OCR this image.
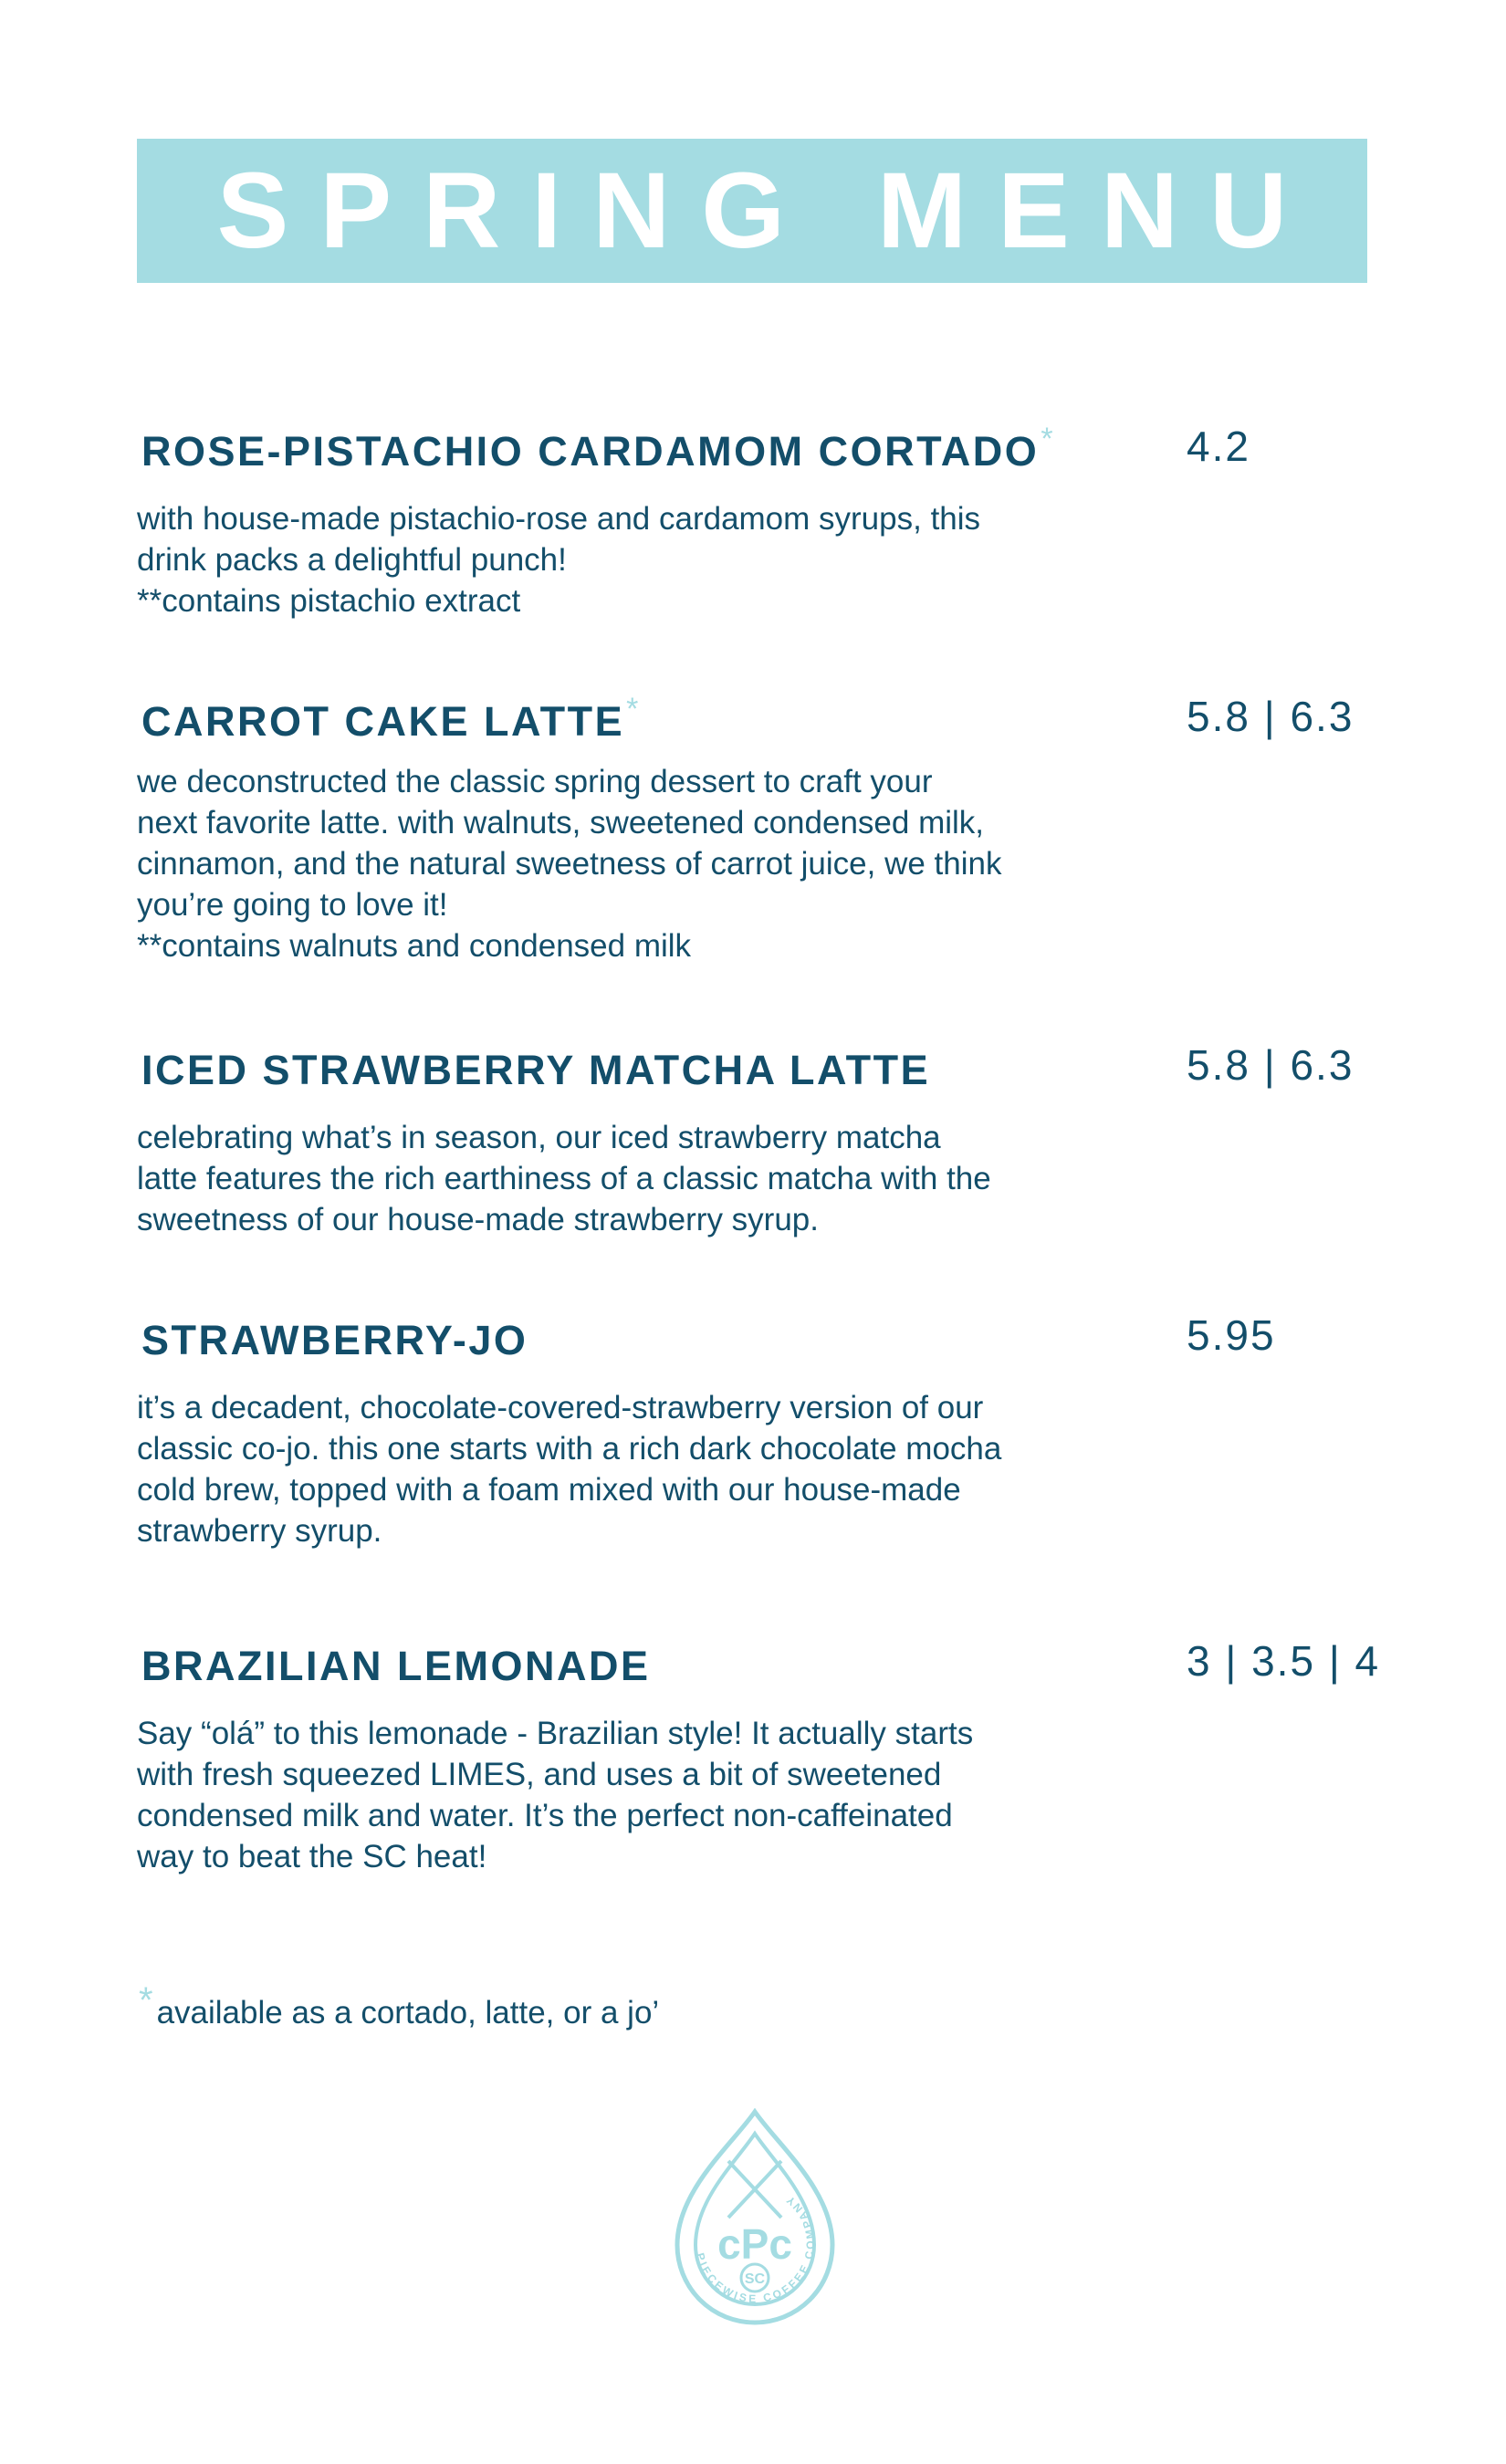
SPRING MENU
ROSE-PISTACHIO CARDAMOM CORTADO*	4.2
with house-made pistachio-rose and cardamom syrups, this
drink packs a delightful punch!
**contains pistachio extract
CARROT CAKE LATTE*	5.8 | 6.3
we deconstructed the classic spring dessert to craft your
next favorite latte. with walnuts, sweetened condensed milk,
cinnamon, and the natural sweetness of carrot juice, we think
you’re going to love it!
**contains walnuts and condensed milk
ICED STRAWBERRY MATCHA LATTE	5.8 | 6.3
celebrating what’s in season, our iced strawberry matcha
latte features the rich earthiness of a classic matcha with the
sweetness of our house-made strawberry syrup.
STRAWBERRY-JO	5.95
it’s a decadent, chocolate-covered-strawberry version of our
classic co-jo. this one starts with a rich dark chocolate mocha
cold brew, topped with a foam mixed with our house-made
strawberry syrup.
BRAZILIAN LEMONADE	3 | 3.5 | 4
Say “olá” to this lemonade - Brazilian style! It actually starts
with fresh squeezed LIMES, and uses a bit of sweetened
condensed milk and water. It’s the perfect non-caffeinated
way to beat the SC heat!
* available as a cortado, latte, or a jo’
PIECEWISE COFFEE COMPANY
cPc
SC
